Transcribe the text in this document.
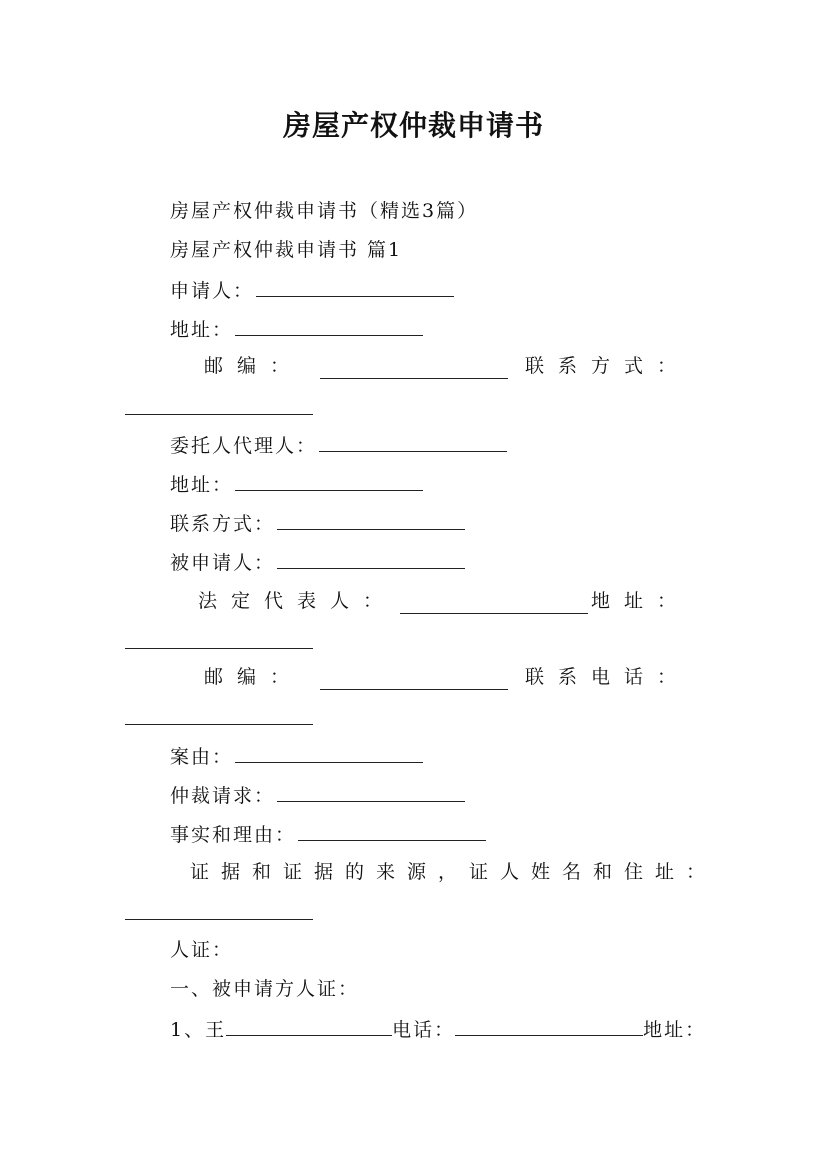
房屋产权仲裁申请书
房屋产权仲裁申请书（精选3篇）
房屋产权仲裁申请书 篇1
申请人：
地址：
邮编：	联系方式：
委托人代理人：
地址：
联系方式：
被申请人：
法定代表人：	地址：
邮编：	联系电话：
案由：
仲裁请求：
事实和理由：
证据和证据的来源，证人姓名和住址：
人证：
一、被申请方人证：
1、王	电话：	地址：
